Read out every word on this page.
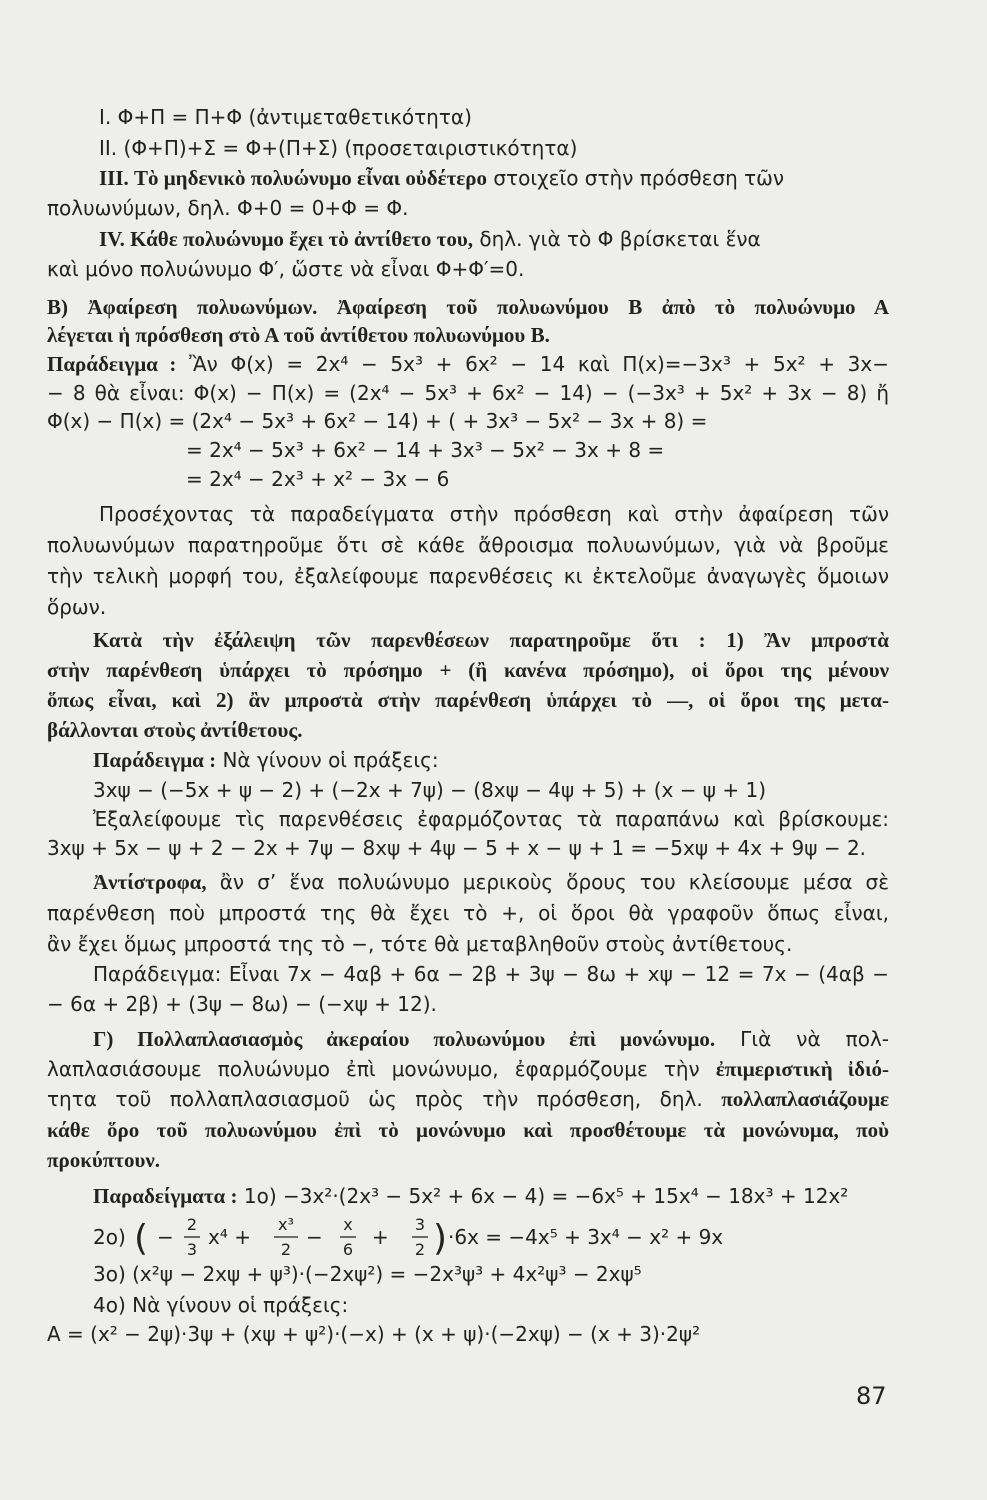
I. Φ+Π = Π+Φ (ἀντιμεταθετικότητα)
II. (Φ+Π)+Σ = Φ+(Π+Σ) (προσεταιριστικότητα)
III. Τὸ μηδενικὸ πολυώνυμο εἶναι οὐδέτερο στοιχεῖο στὴν πρόσθεση τῶν
πολυωνύμων, δηλ. Φ+0 = 0+Φ = Φ.
IV. Κάθε πολυώνυμο ἔχει τὸ ἀντίθετο του, δηλ. γιὰ τὸ Φ βρίσκεται ἕνα
καὶ μόνο πολυώνυμο Φ′, ὥστε νὰ εἶναι Φ+Φ′=0.
Β) Ἀφαίρεση πολυωνύμων. Ἀφαίρεση τοῦ πολυωνύμου Β ἀπὸ τὸ πολυώνυμο Α
λέγεται ἡ πρόσθεση στὸ Α τοῦ ἀντίθετου πολυωνύμου Β.
Παράδειγμα : Ἂν Φ(x) = 2x⁴ − 5x³ + 6x² − 14 καὶ Π(x)=−3x³ + 5x² + 3x−
− 8 θὰ εἶναι: Φ(x) − Π(x) = (2x⁴ − 5x³ + 6x² − 14) − (−3x³ + 5x² + 3x − 8) ἤ
Φ(x) − Π(x) = (2x⁴ − 5x³ + 6x² − 14) + ( + 3x³ − 5x² − 3x + 8) =
= 2x⁴ − 5x³ + 6x² − 14 + 3x³ − 5x² − 3x + 8 =
= 2x⁴ − 2x³ + x² − 3x − 6
Προσέχοντας τὰ παραδείγματα στὴν πρόσθεση καὶ στὴν ἀφαίρεση τῶν
πολυωνύμων παρατηροῦμε ὅτι σὲ κάθε ἄθροισμα πολυωνύμων, γιὰ νὰ βροῦμε
τὴν τελικὴ μορφή του, ἐξαλείφουμε παρενθέσεις κι ἐκτελοῦμε ἀναγωγὲς ὅμοιων
ὅρων.
Κατὰ τὴν ἐξάλειψη τῶν παρενθέσεων παρατηροῦμε ὅτι : 1) Ἂν μπροστὰ
στὴν παρένθεση ὑπάρχει τὸ πρόσημο + (ἢ κανένα πρόσημο), οἱ ὅροι της μένουν
ὅπως εἶναι, καὶ 2) ἂν μπροστὰ στὴν παρένθεση ὑπάρχει τὸ —, οἱ ὅροι της μετα-
βάλλονται στοὺς ἀντίθετους.
Παράδειγμα : Νὰ γίνουν οἱ πράξεις:
3xψ − (−5x + ψ − 2) + (−2x + 7ψ) − (8xψ − 4ψ + 5) + (x − ψ + 1)
Ἐξαλείφουμε τὶς παρενθέσεις ἐφαρμόζοντας τὰ παραπάνω καὶ βρίσκουμε:
3xψ + 5x − ψ + 2 − 2x + 7ψ − 8xψ + 4ψ − 5 + x − ψ + 1 = −5xψ + 4x + 9ψ − 2.
Ἀντίστροφα, ἂν σ’ ἕνα πολυώνυμο μερικοὺς ὅρους του κλείσουμε μέσα σὲ
παρένθεση ποὺ μπροστά της θὰ ἔχει τὸ +, οἱ ὅροι θὰ γραφοῦν ὅπως εἶναι,
ἂν ἔχει ὅμως μπροστά της τὸ −, τότε θὰ μεταβληθοῦν στοὺς ἀντίθετους.
Παράδειγμα: Εἶναι 7x − 4αβ + 6α − 2β + 3ψ − 8ω + xψ − 12 = 7x − (4αβ −
− 6α + 2β) + (3ψ − 8ω) − (−xψ + 12).
Γ) Πολλαπλασιασμὸς ἀκεραίου πολυωνύμου ἐπὶ μονώνυμο. Γιὰ νὰ πολ-
λαπλασιάσουμε πολυώνυμο ἐπὶ μονώνυμο, ἐφαρμόζουμε τὴν ἐπιμεριστικὴ ἰδιό-
τητα τοῦ πολλαπλασιασμοῦ ὡς πρὸς τὴν πρόσθεση, δηλ. πολλαπλασιάζουμε
κάθε ὅρο τοῦ πολυωνύμου ἐπὶ τὸ μονώνυμο καὶ προσθέτουμε τὰ μονώνυμα, ποὺ
προκύπτουν.
Παραδείγματα : 1ο) −3x²·(2x³ − 5x² + 6x − 4) = −6x⁵ + 15x⁴ − 18x³ + 12x²
2ο) ( −
2
3
x⁴ +
x³
2
−
x
6
+
3
2 ) ·6x = −4x⁵ + 3x⁴ − x² + 9x
3ο) (x²ψ − 2xψ + ψ³)·(−2xψ²) = −2x³ψ³ + 4x²ψ³ − 2xψ⁵
4ο) Νὰ γίνουν οἱ πράξεις:
Α = (x² − 2ψ)·3ψ + (xψ + ψ²)·(−x) + (x + ψ)·(−2xψ) − (x + 3)·2ψ²
87
